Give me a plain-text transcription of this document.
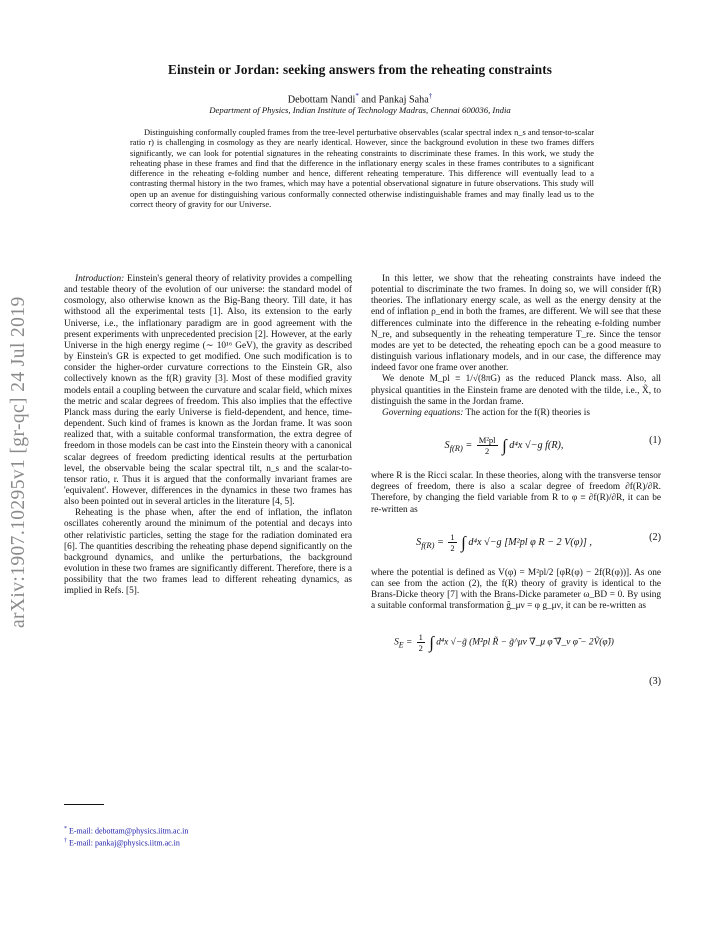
arXiv:1907.10295v1 [gr-qc] 24 Jul 2019
Einstein or Jordan: seeking answers from the reheating constraints
Debottam Nandi* and Pankaj Saha†
Department of Physics, Indian Institute of Technology Madras, Chennai 600036, India
Distinguishing conformally coupled frames from the tree-level perturbative observables (scalar spectral index n_s and tensor-to-scalar ratio r) is challenging in cosmology as they are nearly identical. However, since the background evolution in these two frames differs significantly, we can look for potential signatures in the reheating constraints to discriminate these frames. In this work, we study the reheating phase in these frames and find that the difference in the inflationary energy scales in these frames contributes to a significant difference in the reheating e-folding number and hence, different reheating temperature. This difference will eventually lead to a contrasting thermal history in the two frames, which may have a potential observational signature in future observations. This study will open up an avenue for distinguishing various conformally connected otherwise indistinguishable frames and may finally lead us to the correct theory of gravity for our Universe.

Introduction: Einstein's general theory of relativity provides a compelling and testable theory of the evolution of our universe: the standard model of cosmology, also otherwise known as the Big-Bang theory. Till date, it has withstood all the experimental tests [1]. Also, its extension to the early Universe, i.e., the inflationary paradigm are in good agreement with the present experiments with unprecedented precision [2]. However, at the early Universe in the high energy regime (∼ 10¹⁶ GeV), the gravity as described by Einstein's GR is expected to get modified. One such modification is to consider the higher-order curvature corrections to the Einstein GR, also collectively known as the f(R) gravity [3]. Most of these modified gravity models entail a coupling between the curvature and scalar field, which mixes the metric and scalar degrees of freedom. This also implies that the effective Planck mass during the early Universe is field-dependent, and hence, time-dependent. Such kind of frames is known as the Jordan frame. It was soon realized that, with a suitable conformal transformation, the extra degree of freedom in those models can be cast into the Einstein theory with a canonical scalar degrees of freedom predicting identical results at the perturbation level, the observable being the scalar spectral tilt, n_s and the scalar-to-tensor ratio, r. Thus it is argued that the conformally invariant frames are 'equivalent'. However, differences in the dynamics in these two frames has also been pointed out in several articles in the literature [4, 5].

Reheating is the phase when, after the end of inflation, the inflaton oscillates coherently around the minimum of the potential and decays into other relativistic particles, setting the stage for the radiation dominated era [6]. The quantities describing the reheating phase depend significantly on the background dynamics, and unlike the perturbations, the background evolution in these two frames are significantly different. Therefore, there is a possibility that the two frames lead to different reheating dynamics, as implied in Refs. [5].

In this letter, we show that the reheating constraints have indeed the potential to discriminate the two frames. In doing so, we will consider f(R) theories. The inflationary energy scale, as well as the energy density at the end of inflation ρ_end in both the frames, are different. We will see that these differences culminate into the difference in the reheating e-folding number N_re, and subsequently in the reheating temperature T_re. Since the tensor modes are yet to be detected, the reheating epoch can be a good measure to distinguish various inflationary models, and in our case, the difference may indeed favor one frame over another.

We denote M_pl ≡ 1/√(8πG) as the reduced Planck mass. Also, all physical quantities in the Einstein frame are denoted with the tilde, i.e., X̃, to distinguish the same in the Jordan frame.

Governing equations: The action for the f(R) theories is

$S_{f(R)} = \frac{\text{M²pl}}{2}$ ∫ d⁴x √−g f(R),	(1)

where R is the Ricci scalar. In these theories, along with the transverse tensor degrees of freedom, there is also a scalar degree of freedom ∂f(R)/∂R. Therefore, by changing the field variable from R to φ ≡ ∂f(R)/∂R, it can be re-written as

$S_{f(R)} = \frac{1}{2}$ ∫ d⁴x √−g [M²pl φ R − 2 V(φ)] ,	(2)

where the potential is defined as V(φ) = M²pl/2 [φR(φ) − 2f(R(φ))]. As one can see from the action (2), the f(R) theory of gravity is identical to the Brans-Dicke theory [7] with the Brans-Dicke parameter ω_BD = 0. By using a suitable conformal transformation g̃_μν = φ g_μν, it can be re-written as

$S_E = \frac{1}{2}$ ∫ d⁴x √−g̃ (M²pl R̃ − g̃^μν ∇̃_μ φ̃ ∇̃_ν φ̃ − 2Ṽ(φ̃))
(3)
* E-mail: debottam@physics.iitm.ac.in
† E-mail: pankaj@physics.iitm.ac.in
